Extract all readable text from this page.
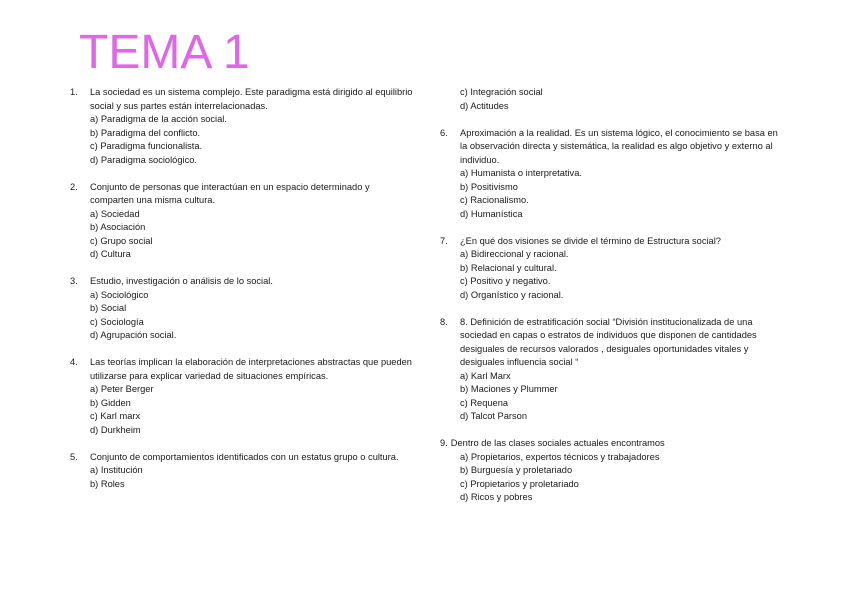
TEMA 1
1.	La sociedad es un sistema complejo. Este paradigma está dirigido al equilibrio social y sus partes están interrelacionadas.
a) Paradigma de la acción social.
b) Paradigma del conflicto.
c) Paradigma funcionalista.
d) Paradigma sociológico.
2.	Conjunto de personas que interactúan en un espacio determinado y comparten una misma cultura.
a) Sociedad
b) Asociación
c) Grupo social
d) Cultura
3.	Estudio, investigación o análisis de lo social.
a) Sociológico
b) Social
c) Sociología
d) Agrupación social.
4.	Las teorías implican la elaboración de interpretaciones abstractas que pueden utilizarse para explicar variedad de situaciones empíricas.
a) Peter Berger
b) Gidden
c) Karl marx
d) Durkheim
5.	Conjunto de comportamientos identificados con un estatus grupo o cultura.
a) Institución
b) Roles
c) Integración social
d) Actitudes
6.	Aproximación a la realidad. Es un sistema lógico, el conocimiento se basa en la observación directa y sistemática, la realidad es algo objetivo y externo al individuo.
a) Humanista o interpretativa.
b) Positivismo
c) Racionalismo.
d) Humanística
7.	¿En qué dos visiones se divide el término de Estructura social?
a) Bidireccional y racional.
b) Relacional y cultural.
c) Positivo y negativo.
d) Organístico y racional.
8.	8. Definición de estratificación social “División institucionalizada de una sociedad en capas o estratos de individuos que disponen de cantidades desiguales de recursos valorados , desiguales oportunidades vitales y desiguales influencia social “
a) Karl Marx
b) Maciones y Plummer
c) Requena
d) Talcot Parson
9. Dentro de las clases sociales actuales encontramos
a) Propietarios, expertos técnicos y trabajadores
b) Burguesía y proletariado
c) Propietarios y proletariado
d) Ricos y pobres
